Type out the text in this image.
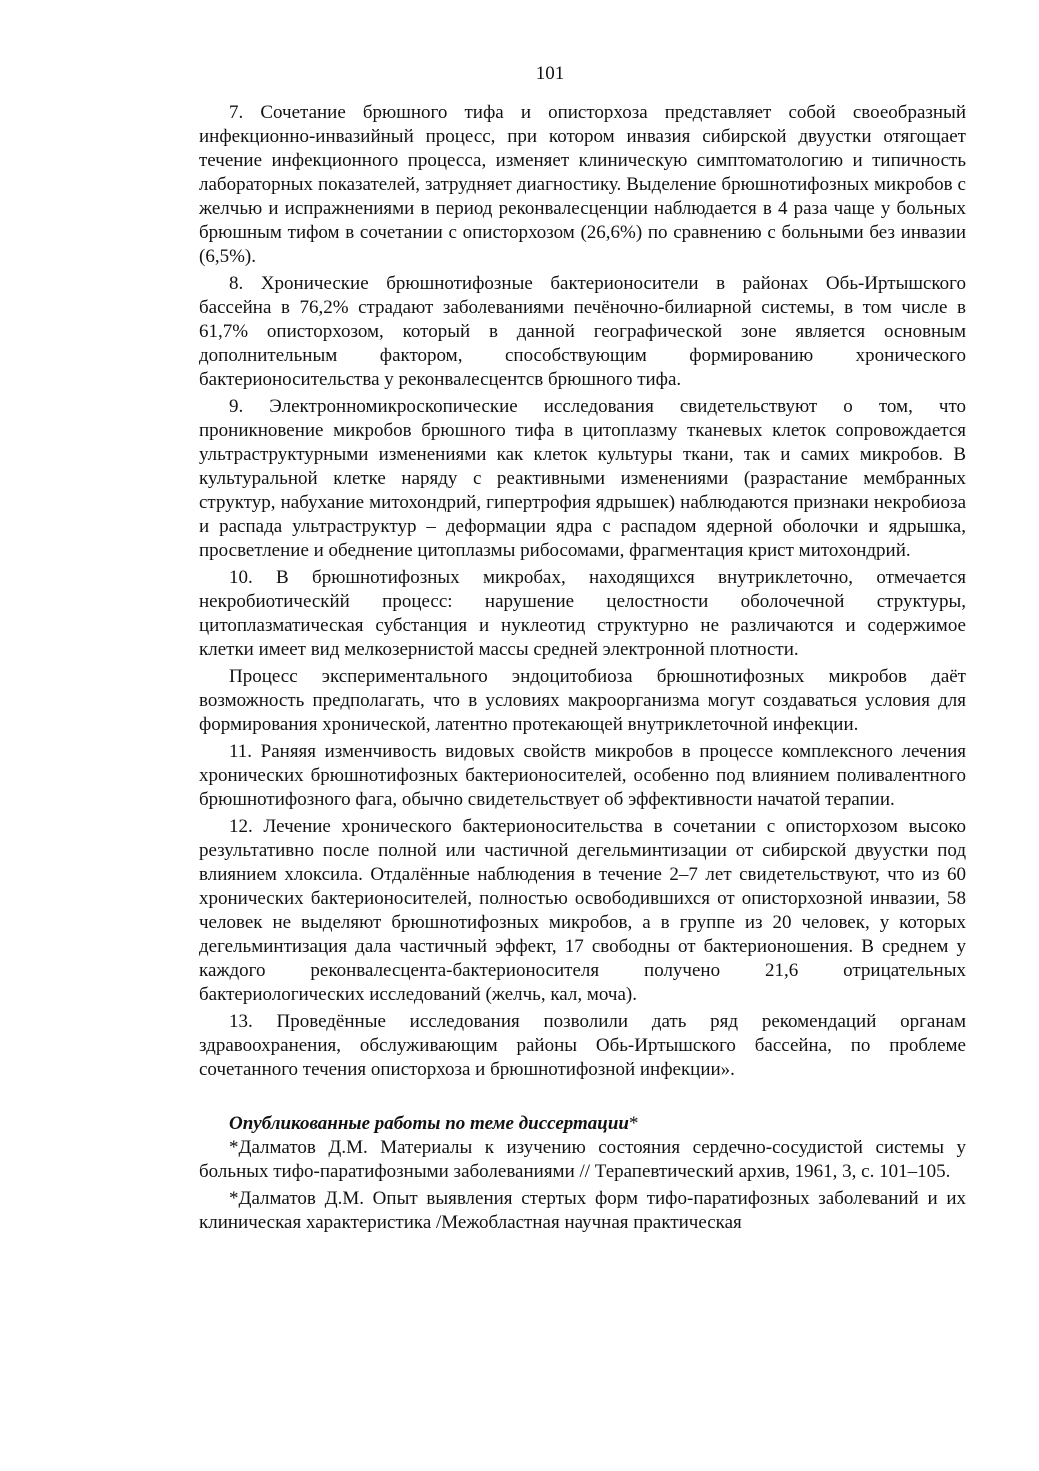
101

7. Сочетание брюшного тифа и описторхоза представляет собой своеобразный инфекционно-инвазийный процесс, при котором инвазия сибирской двуустки отягощает течение инфекционного процесса, изменяет клиническую симптоматологию и типичность лабораторных показателей, затрудняет диагностику. Выделение брюшнотифозных микробов с желчью и испражнениями в период реконвалесценции наблюдается в 4 раза чаще у больных брюшным тифом в сочетании с описторхозом (26,6%) по сравнению с больными без инвазии (6,5%).

8. Хронические брюшнотифозные бактерионосители в районах Обь-Иртышского бассейна в 76,2% страдают заболеваниями печёночно-билиарной системы, в том числе в 61,7% описторхозом, который в данной географической зоне является основным дополнительным фактором, способствующим формированию хронического бактерионосительства у реконвалесцентсв брюшного тифа.

9. Электронномикроскопические исследования свидетельствуют о том, что проникновение микробов брюшного тифа в цитоплазму тканевых клеток сопровождается ультраструктурными изменениями как клеток культуры ткани, так и самих микробов. В культуральной клетке наряду с реактивными изменениями (разрастание мембранных структур, набухание митохондрий, гипертрофия ядрышек) наблюдаются признаки некробиоза и распада ультраструктур – деформации ядра с распадом ядерной оболочки и ядрышка, просветление и обеднение цитоплазмы рибосомами, фрагментация крист митохондрий.

10. В брюшнотифозных микробах, находящихся внутриклеточно, отмечается некробиотическйй процесс: нарушение целостности оболочечной структуры, цитоплазматическая субстанция и нуклеотид структурно не различаются и содержимое клетки имеет вид мелкозернистой массы средней электронной плотности.

Процесс экспериментального эндоцитобиоза брюшнотифозных микробов даёт возможность предполагать, что в условиях макроорганизма могут создаваться условия для формирования хронической, латентно протекающей внутриклеточной инфекции.

11. Раняяя изменчивость видовых свойств микробов в процессе комплексного лечения хронических брюшнотифозных бактерионосителей, особенно под влиянием поливалентного брюшнотифозного фага, обычно свидетельствует об эффективности начатой терапии.

12. Лечение хронического бактерионосительства в сочетании с описторхозом высоко результативно после полной или частичной дегельминтизации от сибирской двуустки под влиянием хлоксила. Отдалённые наблюдения в течение 2–7 лет свидетельствуют, что из 60 хронических бактерионосителей, полностью освободившихся от описторхозной инвазии, 58 человек не выделяют брюшнотифозных микробов, а в группе из 20 человек, у которых дегельминтизация дала частичный эффект, 17 свободны от бактерионошения. В среднем у каждого реконвалесцента-бактерионосителя получено 21,6 отрицательных бактериологических исследований (желчь, кал, моча).

13. Проведённые исследования позволили дать ряд рекомендаций органам здравоохранения, обслуживающим районы Обь-Иртышского бассейна, по проблеме сочетанного течения описторхоза и брюшнотифозной инфекции».

Опубликованные работы по теме диссертации*

*Далматов Д.М. Материалы к изучению состояния сердечно-сосудистой системы у больных тифо-паратифозными заболеваниями // Терапевтический архив, 1961, 3, с. 101–105.

*Далматов Д.М. Опыт выявления стертых форм тифо-паратифозных заболеваний и их клиническая характеристика /Межобластная научная практическая
